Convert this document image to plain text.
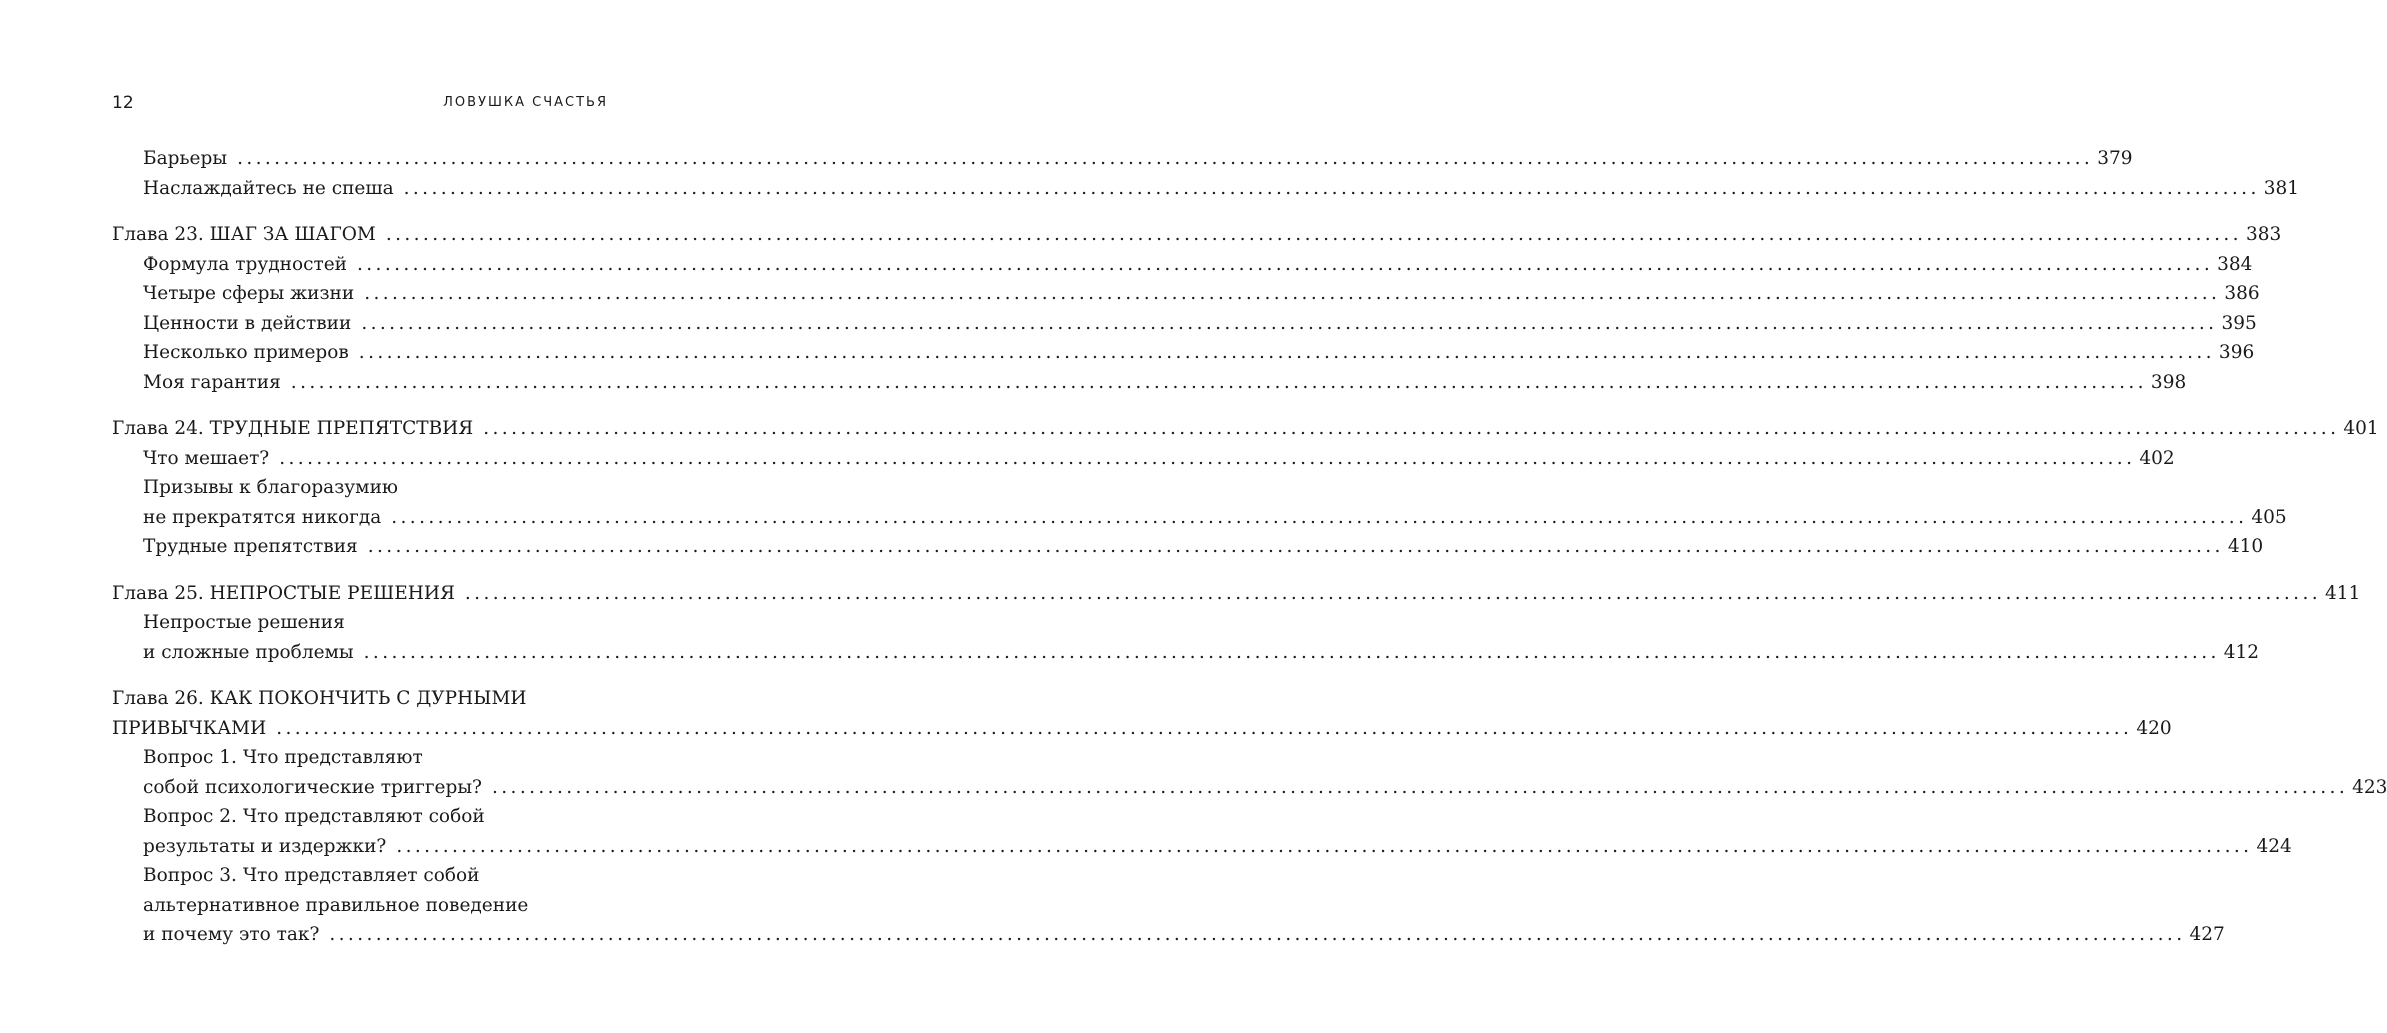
12	ЛОВУШКА СЧАСТЬЯ
Барьеры ........................................................................................................................................................................................................ 379
Наслаждайтесь не спеша ........................................................................................................................................................................................................ 381
Глава 23. ШАГ ЗА ШАГОМ ........................................................................................................................................................................................................ 383
Формула трудностей ........................................................................................................................................................................................................ 384
Четыре сферы жизни ........................................................................................................................................................................................................ 386
Ценности в действии ........................................................................................................................................................................................................ 395
Несколько примеров ........................................................................................................................................................................................................ 396
Моя гарантия ........................................................................................................................................................................................................ 398
Глава 24. ТРУДНЫЕ ПРЕПЯТСТВИЯ ........................................................................................................................................................................................................ 401
Что мешает? ........................................................................................................................................................................................................ 402
Призывы к благоразумию
не прекратятся никогда ........................................................................................................................................................................................................ 405
Трудные препятствия ........................................................................................................................................................................................................ 410
Глава 25. НЕПРОСТЫЕ РЕШЕНИЯ ........................................................................................................................................................................................................ 411
Непростые решения
и сложные проблемы ........................................................................................................................................................................................................ 412
Глава 26. КАК ПОКОНЧИТЬ С ДУРНЫМИ
ПРИВЫЧКАМИ ........................................................................................................................................................................................................ 420
Вопрос 1. Что представляют
собой психологические триггеры? ........................................................................................................................................................................................................ 423
Вопрос 2. Что представляют собой
результаты и издержки? ........................................................................................................................................................................................................ 424
Вопрос 3. Что представляет собой
альтернативное правильное поведение
и почему это так? ........................................................................................................................................................................................................ 427
